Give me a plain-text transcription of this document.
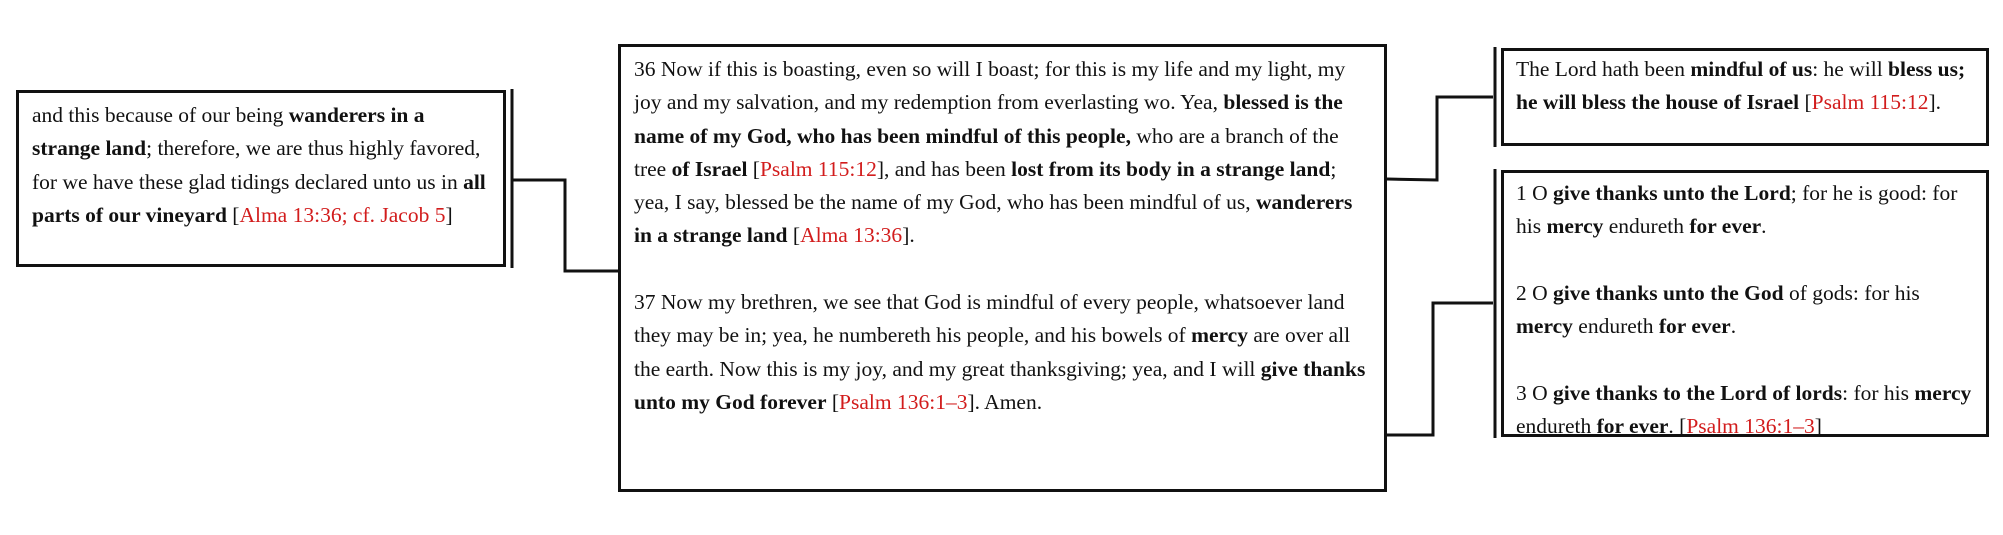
and this because of our being wanderers in a strange land; therefore, we are thus highly favored, for we have these glad tidings declared unto us in all parts of our vineyard [Alma 13:36; cf. Jacob 5]

36 Now if this is boasting, even so will I boast; for this is my life and my light, my joy and my salvation, and my redemption from everlasting wo. Yea, blessed is the name of my God, who has been mindful of this people, who are a branch of the tree of Israel [Psalm 115:12], and has been lost from its body in a strange land; yea, I say, blessed be the name of my God, who has been mindful of us, wanderers in a strange land [Alma 13:36].

37 Now my brethren, we see that God is mindful of every people, whatsoever land they may be in; yea, he numbereth his people, and his bowels of mercy are over all the earth. Now this is my joy, and my great thanksgiving; yea, and I will give thanks unto my God forever [Psalm 136:1–3]. Amen.

The Lord hath been mindful of us: he will bless us; he will bless the house of Israel [Psalm 115:12].

1 O give thanks unto the Lord; for he is good: for his mercy endureth for ever.

2 O give thanks unto the God of gods: for his mercy endureth for ever.

3 O give thanks to the Lord of lords: for his mercy endureth for ever. [Psalm 136:1–3]
